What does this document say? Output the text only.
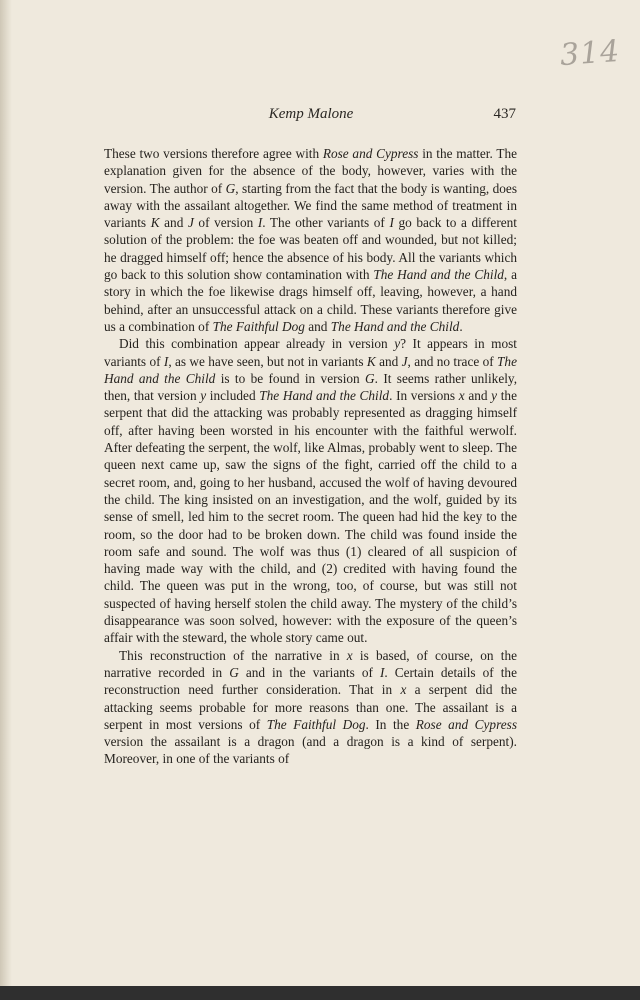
314
Kemp Malone	437

These two versions therefore agree with Rose and Cypress in the matter. The explanation given for the absence of the body, however, varies with the version. The author of G, starting from the fact that the body is wanting, does away with the assailant altogether. We find the same method of treatment in variants K and J of version I. The other variants of I go back to a different solution of the problem: the foe was beaten off and wounded, but not killed; he dragged himself off; hence the absence of his body. All the variants which go back to this solution show contamination with The Hand and the Child, a story in which the foe likewise drags himself off, leaving, however, a hand behind, after an unsuccessful attack on a child. These variants therefore give us a combination of The Faithful Dog and The Hand and the Child.

Did this combination appear already in version y? It appears in most variants of I, as we have seen, but not in variants K and J, and no trace of The Hand and the Child is to be found in version G. It seems rather unlikely, then, that version y included The Hand and the Child. In versions x and y the serpent that did the attacking was probably represented as dragging himself off, after having been worsted in his encounter with the faithful werwolf. After defeating the serpent, the wolf, like Almas, probably went to sleep. The queen next came up, saw the signs of the fight, carried off the child to a secret room, and, going to her husband, accused the wolf of having devoured the child. The king insisted on an investigation, and the wolf, guided by its sense of smell, led him to the secret room. The queen had hid the key to the room, so the door had to be broken down. The child was found inside the room safe and sound. The wolf was thus (1) cleared of all suspicion of having made way with the child, and (2) credited with having found the child. The queen was put in the wrong, too, of course, but was still not suspected of having herself stolen the child away. The mystery of the child’s disappearance was soon solved, however: with the exposure of the queen’s affair with the steward, the whole story came out.

This reconstruction of the narrative in x is based, of course, on the narrative recorded in G and in the variants of I. Certain details of the reconstruction need further consideration. That in x a serpent did the attacking seems probable for more reasons than one. The assailant is a serpent in most versions of The Faithful Dog. In the Rose and Cypress version the assailant is a dragon (and a dragon is a kind of serpent). Moreover, in one of the variants of
